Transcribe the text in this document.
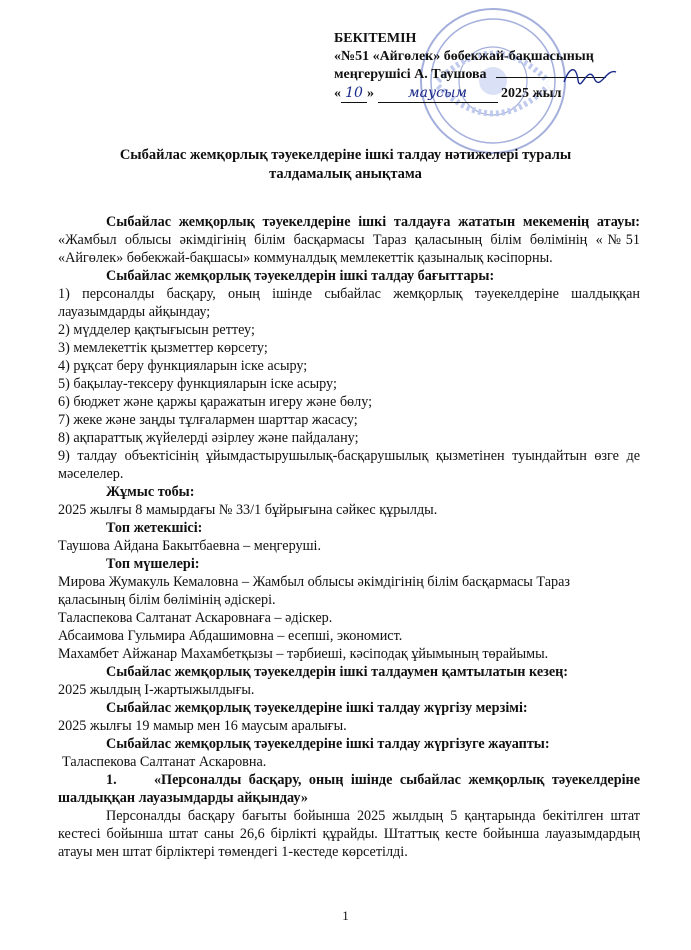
БЕКІТЕМІН
«№51 «Айгөлек» бөбекжай-бақшасының
меңгерушісі А. Таушова
« 10 » маусым 2025 жыл
Сыбайлас жемқорлық тәуекелдеріне ішкі талдау нәтижелері туралы
талдамалық анықтама

Сыбайлас жемқорлық тәуекелдеріне ішкі талдауға жататын мекеменің атауы: «Жамбыл облысы әкімдігінің білім басқармасы Тараз қаласының білім бөлімінің «№51 «Айгөлек» бөбекжай-бақшасы» коммуналдық мемлекеттік қазыналық кәсіпорны.

Сыбайлас жемқорлық тәуекелдерін ішкі талдау бағыттары:

1) персоналды басқару, оның ішінде сыбайлас жемқорлық тәуекелдеріне шалдыққан лауазымдарды айқындау;

2) мүдделер қақтығысын реттеу;

3) мемлекеттік қызметтер көрсету;

4) рұқсат беру функцияларын іске асыру;

5) бақылау-тексеру функцияларын іске асыру;

6) бюджет және қаржы қаражатын игеру және бөлу;

7) жеке және заңды тұлғалармен шарттар жасасу;

8) ақпараттық жүйелерді әзірлеу және пайдалану;

9) талдау объектісінің ұйымдастырушылық-басқарушылық қызметінен туындайтын өзге де мәселелер.

Жұмыс тобы:

2025 жылғы 8 мамырдағы № 33/1 бұйрығына сәйкес құрылды.

Топ жетекшісі:

Таушова Айдана Бакытбаевна – меңгеруші.

Топ мүшелері:

Мирова Жумакуль Кемаловна – Жамбыл облысы әкімдігінің білім басқармасы Тараз қаласының білім бөлімінің әдіскері.

Таласпекова Салтанат Аскаровнаға – әдіскер.

Абсаимова Гульмира Абдашимовна – есепші, экономист.

Махамбет Айжанар Махамбетқызы – тәрбиеші, кәсіподақ ұйымының төрайымы.

Сыбайлас жемқорлық тәуекелдерін ішкі талдаумен қамтылатын кезең:

2025 жылдың І-жартыжылдығы.

Сыбайлас жемқорлық тәуекелдеріне ішкі талдау жүргізу мерзімі:

2025 жылғы 19 мамыр мен 16 маусым аралығы.

Сыбайлас жемқорлық тәуекелдеріне ішкі талдау жүргізуге жауапты:

Таласпекова Салтанат Аскаровна.

1.     «Персоналды басқару, оның ішінде сыбайлас жемқорлық тәуекелдеріне шалдыққан лауазымдарды айқындау»

Персоналды басқару бағыты бойынша 2025 жылдың 5 қаңтарында бекітілген штат кестесі бойынша штат саны 26,6 бірлікті құрайды. Штаттық кесте бойынша лауазымдардың атауы мен штат бірліктері төмендегі 1-кестеде көрсетілді.

1
